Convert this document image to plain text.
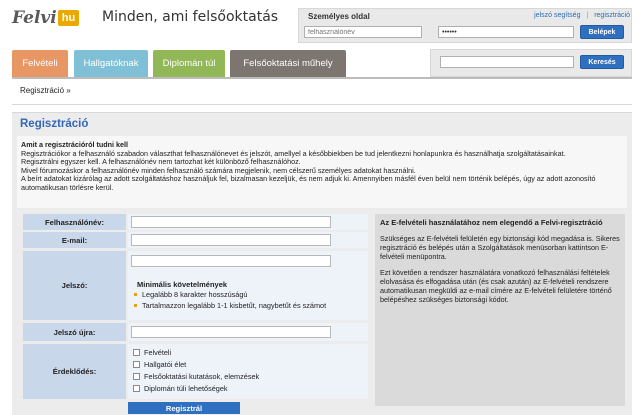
Felvi hu Minden, ami felsőoktatás	Személyes oldal	jelszó segítség | regisztráció
felhasználónév
Belépek
Felvételi	Hallgatóknak	Diplomán túl	Felsőoktatási műhely	Keresés
Regisztráció »
Regisztráció
Amit a regisztrációról tudni kell
Regisztrációkor a felhasználó szabadon választhat felhasználónevet és jelszót, amellyel a későbbiekben be tud jelentkezni honlapunkra és használhatja szolgáltatásainkat.
Regisztrálni egyszer kell. A felhasználónév nem tartozhat két különböző felhasználóhoz.
Mivel fórumozáskor a felhasználónév minden felhasználó számára megjelenik, nem célszerű személyes adatokat használni.
A beírt adatokat kizárólag az adott szolgáltatáshoz használjuk fel, bizalmasan kezeljük, és nem adjuk ki. Amennyiben másfél éven belül nem történik belépés, úgy az adott azonosító automatikusan törlésre kerül.
Felhasználónév:
E-mail:
Jelszó:	Minimális követelmények
Legalább 8 karakter hosszúságú
Tartalmazzon legalább 1-1 kisbetűt, nagybetűt és számot
Jelszó újra:
Érdeklődés:
Felvételi
Hallgatói élet
Felsőoktatási kutatások, elemzések
Diplomán túli lehetőségek
Regisztrál
Az E-felvételi használatához nem elegendő a Felvi-regisztráció

Szükséges az E-felvételi felületén egy biztonsági kód megadása is. Sikeres regisztráció és belépés után a Szolgáltatások menüsorban kattintson E-felvételi menüpontra.

Ezt követően a rendszer használatára vonatkozó felhasználási feltételek elolvasása és elfogadása után (és csak azután) az E-felvételi rendszere automatikusan megküldi az e-mail címére az E-felvételi felületére történő belépéshez szükséges biztonsági kódot.
